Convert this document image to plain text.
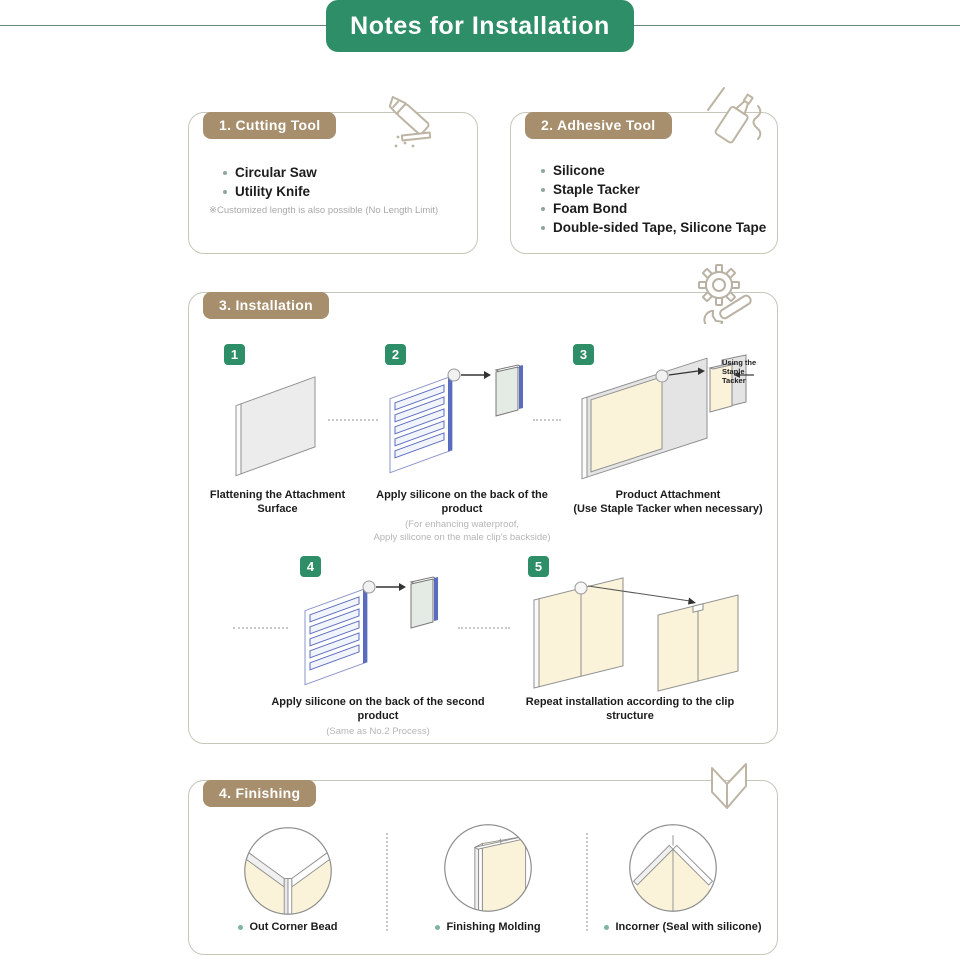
Notes for Installation
1. Cutting Tool
Circular Saw
Utility Knife
※Customized length is also possible (No Length Limit)
2. Adhesive Tool
Silicone
Staple Tacker
Foam Bond
Double-sided Tape, Silicone Tape
3. Installation
1	2	3
Using the
Staple Tacker
Flattening the Attachment Surface
Apply silicone on the back of the product
(For enhancing waterproof,
Apply silicone on the male clip's backside)
Product Attachment
(Use Staple Tacker when necessary)
4	5
Apply silicone on the back of the second product
(Same as No.2 Process)
Repeat installation according to the clip structure
4. Finishing
Out Corner Bead	Finishing Molding	Incorner (Seal with silicone)
